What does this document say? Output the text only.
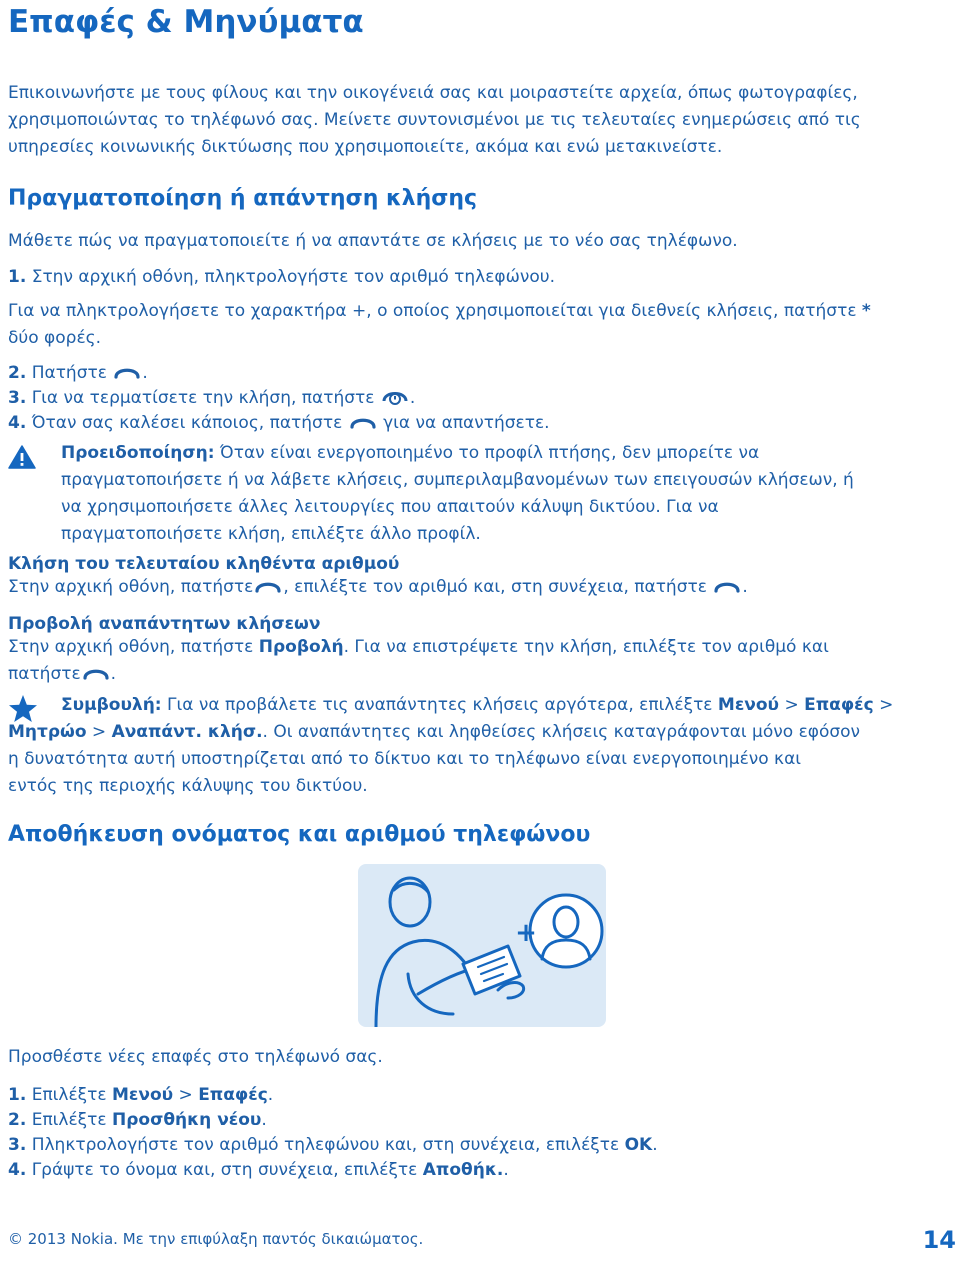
Επαφές & Μηνύματα
Επικοινωνήστε με τους φίλους και την οικογένειά σας και μοιραστείτε αρχεία, όπως φωτογραφίες,
χρησιμοποιώντας το τηλέφωνό σας. Μείνετε συντονισμένοι με τις τελευταίες ενημερώσεις από τις
υπηρεσίες κοινωνικής δικτύωσης που χρησιμοποιείτε, ακόμα και ενώ μετακινείστε.
Πραγματοποίηση ή απάντηση κλήσης
Μάθετε πώς να πραγματοποιείτε ή να απαντάτε σε κλήσεις με το νέο σας τηλέφωνο.
1. Στην αρχική οθόνη, πληκτρολογήστε τον αριθμό τηλεφώνου.
Για να πληκτρολογήσετε το χαρακτήρα +, ο οποίος χρησιμοποιείται για διεθνείς κλήσεις, πατήστε *
δύο φορές.
2. Πατήστε .
3. Για να τερματίσετε την κλήση, πατήστε .
4. Όταν σας καλέσει κάποιος, πατήστε για να απαντήσετε.
Προειδοποίηση: Όταν είναι ενεργοποιημένο το προφίλ πτήσης, δεν μπορείτε να
πραγματοποιήσετε ή να λάβετε κλήσεις, συμπεριλαμβανομένων των επειγουσών κλήσεων, ή
να χρησιμοποιήσετε άλλες λειτουργίες που απαιτούν κάλυψη δικτύου. Για να
πραγματοποιήσετε κλήση, επιλέξτε άλλο προφίλ.
Κλήση του τελευταίου κληθέντα αριθμού
Στην αρχική οθόνη, πατήστε , επιλέξτε τον αριθμό και, στη συνέχεια, πατήστε .
Προβολή αναπάντητων κλήσεων
Στην αρχική οθόνη, πατήστε Προβολή. Για να επιστρέψετε την κλήση, επιλέξτε τον αριθμό και
πατήστε .
Συμβουλή: Για να προβάλετε τις αναπάντητες κλήσεις αργότερα, επιλέξτε Μενού > Επαφές >
Μητρώο > Αναπάντ. κλήσ.. Οι αναπάντητες και ληφθείσες κλήσεις καταγράφονται μόνο εφόσον
η δυνατότητα αυτή υποστηρίζεται από το δίκτυο και το τηλέφωνο είναι ενεργοποιημένο και
εντός της περιοχής κάλυψης του δικτύου.
Αποθήκευση ονόματος και αριθμού τηλεφώνου
+
Προσθέστε νέες επαφές στο τηλέφωνό σας.
1. Επιλέξτε Μενού > Επαφές.
2. Επιλέξτε Προσθήκη νέου.
3. Πληκτρολογήστε τον αριθμό τηλεφώνου και, στη συνέχεια, επιλέξτε OK.
4. Γράψτε το όνομα και, στη συνέχεια, επιλέξτε Αποθήκ..
© 2013 Nokia. Με την επιφύλαξη παντός δικαιώματος.	14
